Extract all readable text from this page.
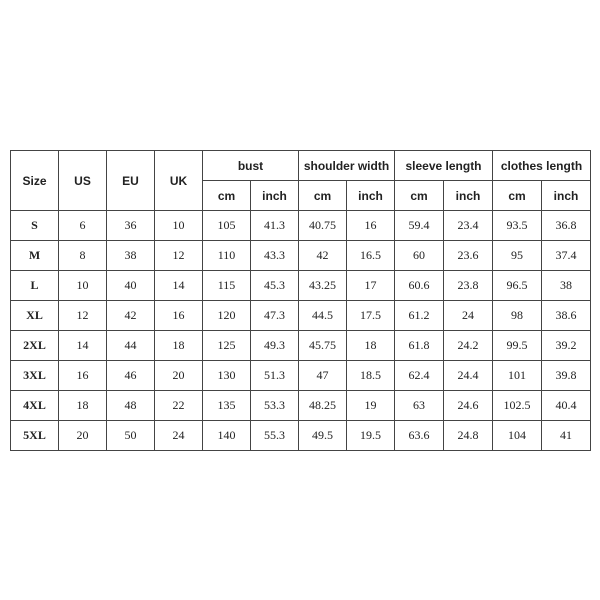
Size	US	EU	UK	bust		shoulder width		sleeve length		clothes length	
				cm	inch	cm	inch	cm	inch	cm	inch
S	6	36	10	105	41.3	40.75	16	59.4	23.4	93.5	36.8
M	8	38	12	110	43.3	42	16.5	60	23.6	95	37.4
L	10	40	14	115	45.3	43.25	17	60.6	23.8	96.5	38
XL	12	42	16	120	47.3	44.5	17.5	61.2	24	98	38.6
2XL	14	44	18	125	49.3	45.75	18	61.8	24.2	99.5	39.2
3XL	16	46	20	130	51.3	47	18.5	62.4	24.4	101	39.8
4XL	18	48	22	135	53.3	48.25	19	63	24.6	102.5	40.4
5XL	20	50	24	140	55.3	49.5	19.5	63.6	24.8	104	41
